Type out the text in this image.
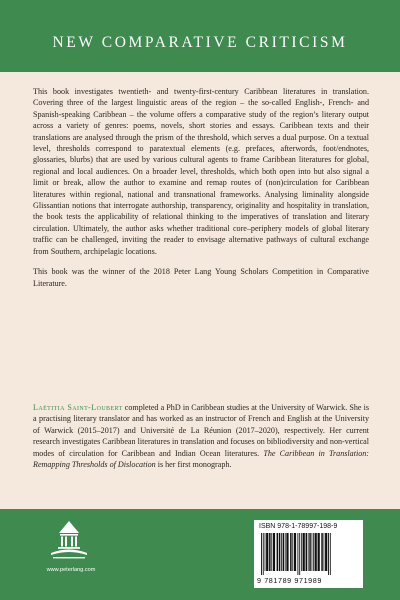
NEW COMPARATIVE CRITICISM

This book investigates twentieth- and twenty-first-century Caribbean literatures in translation. Covering three of the largest linguistic areas of the region – the so-called English-, French- and Spanish-speaking Caribbean – the volume offers a comparative study of the region’s literary output across a variety of genres: poems, novels, short stories and essays. Caribbean texts and their translations are analysed through the prism of the threshold, which serves a dual purpose. On a textual level, thresholds correspond to paratextual elements (e.g. prefaces, afterwords, foot/endnotes, glossaries, blurbs) that are used by various cultural agents to frame Caribbean literatures for global, regional and local audiences. On a broader level, thresholds, which both open into but also signal a limit or break, allow the author to examine and remap routes of (non)circulation for Caribbean literatures within regional, national and transnational frameworks. Analysing liminality alongside Glissantian notions that interrogate authorship, transparency, originality and hospitality in translation, the book tests the applicability of relational thinking to the imperatives of translation and literary circulation. Ultimately, the author asks whether traditional core–periphery models of global literary traffic can be challenged, inviting the reader to envisage alternative pathways of cultural exchange from Southern, archipelagic locations.

This book was the winner of the 2018 Peter Lang Young Scholars Competition in Comparative Literature.

Laëtitia Saint-Loubert completed a PhD in Caribbean studies at the University of Warwick. She is a practising literary translator and has worked as an instructor of French and English at the University of Warwick (2015–2017) and Université de La Réunion (2017–2020), respectively. Her current research investigates Caribbean literatures in translation and focuses on bibliodiversity and non-vertical modes of circulation for Caribbean and Indian Ocean literatures. The Caribbean in Translation: Remapping Thresholds of Dislocation is her first monograph.

www.peterlang.com
ISBN 978-1-78997-198-9
9 781789 971989
